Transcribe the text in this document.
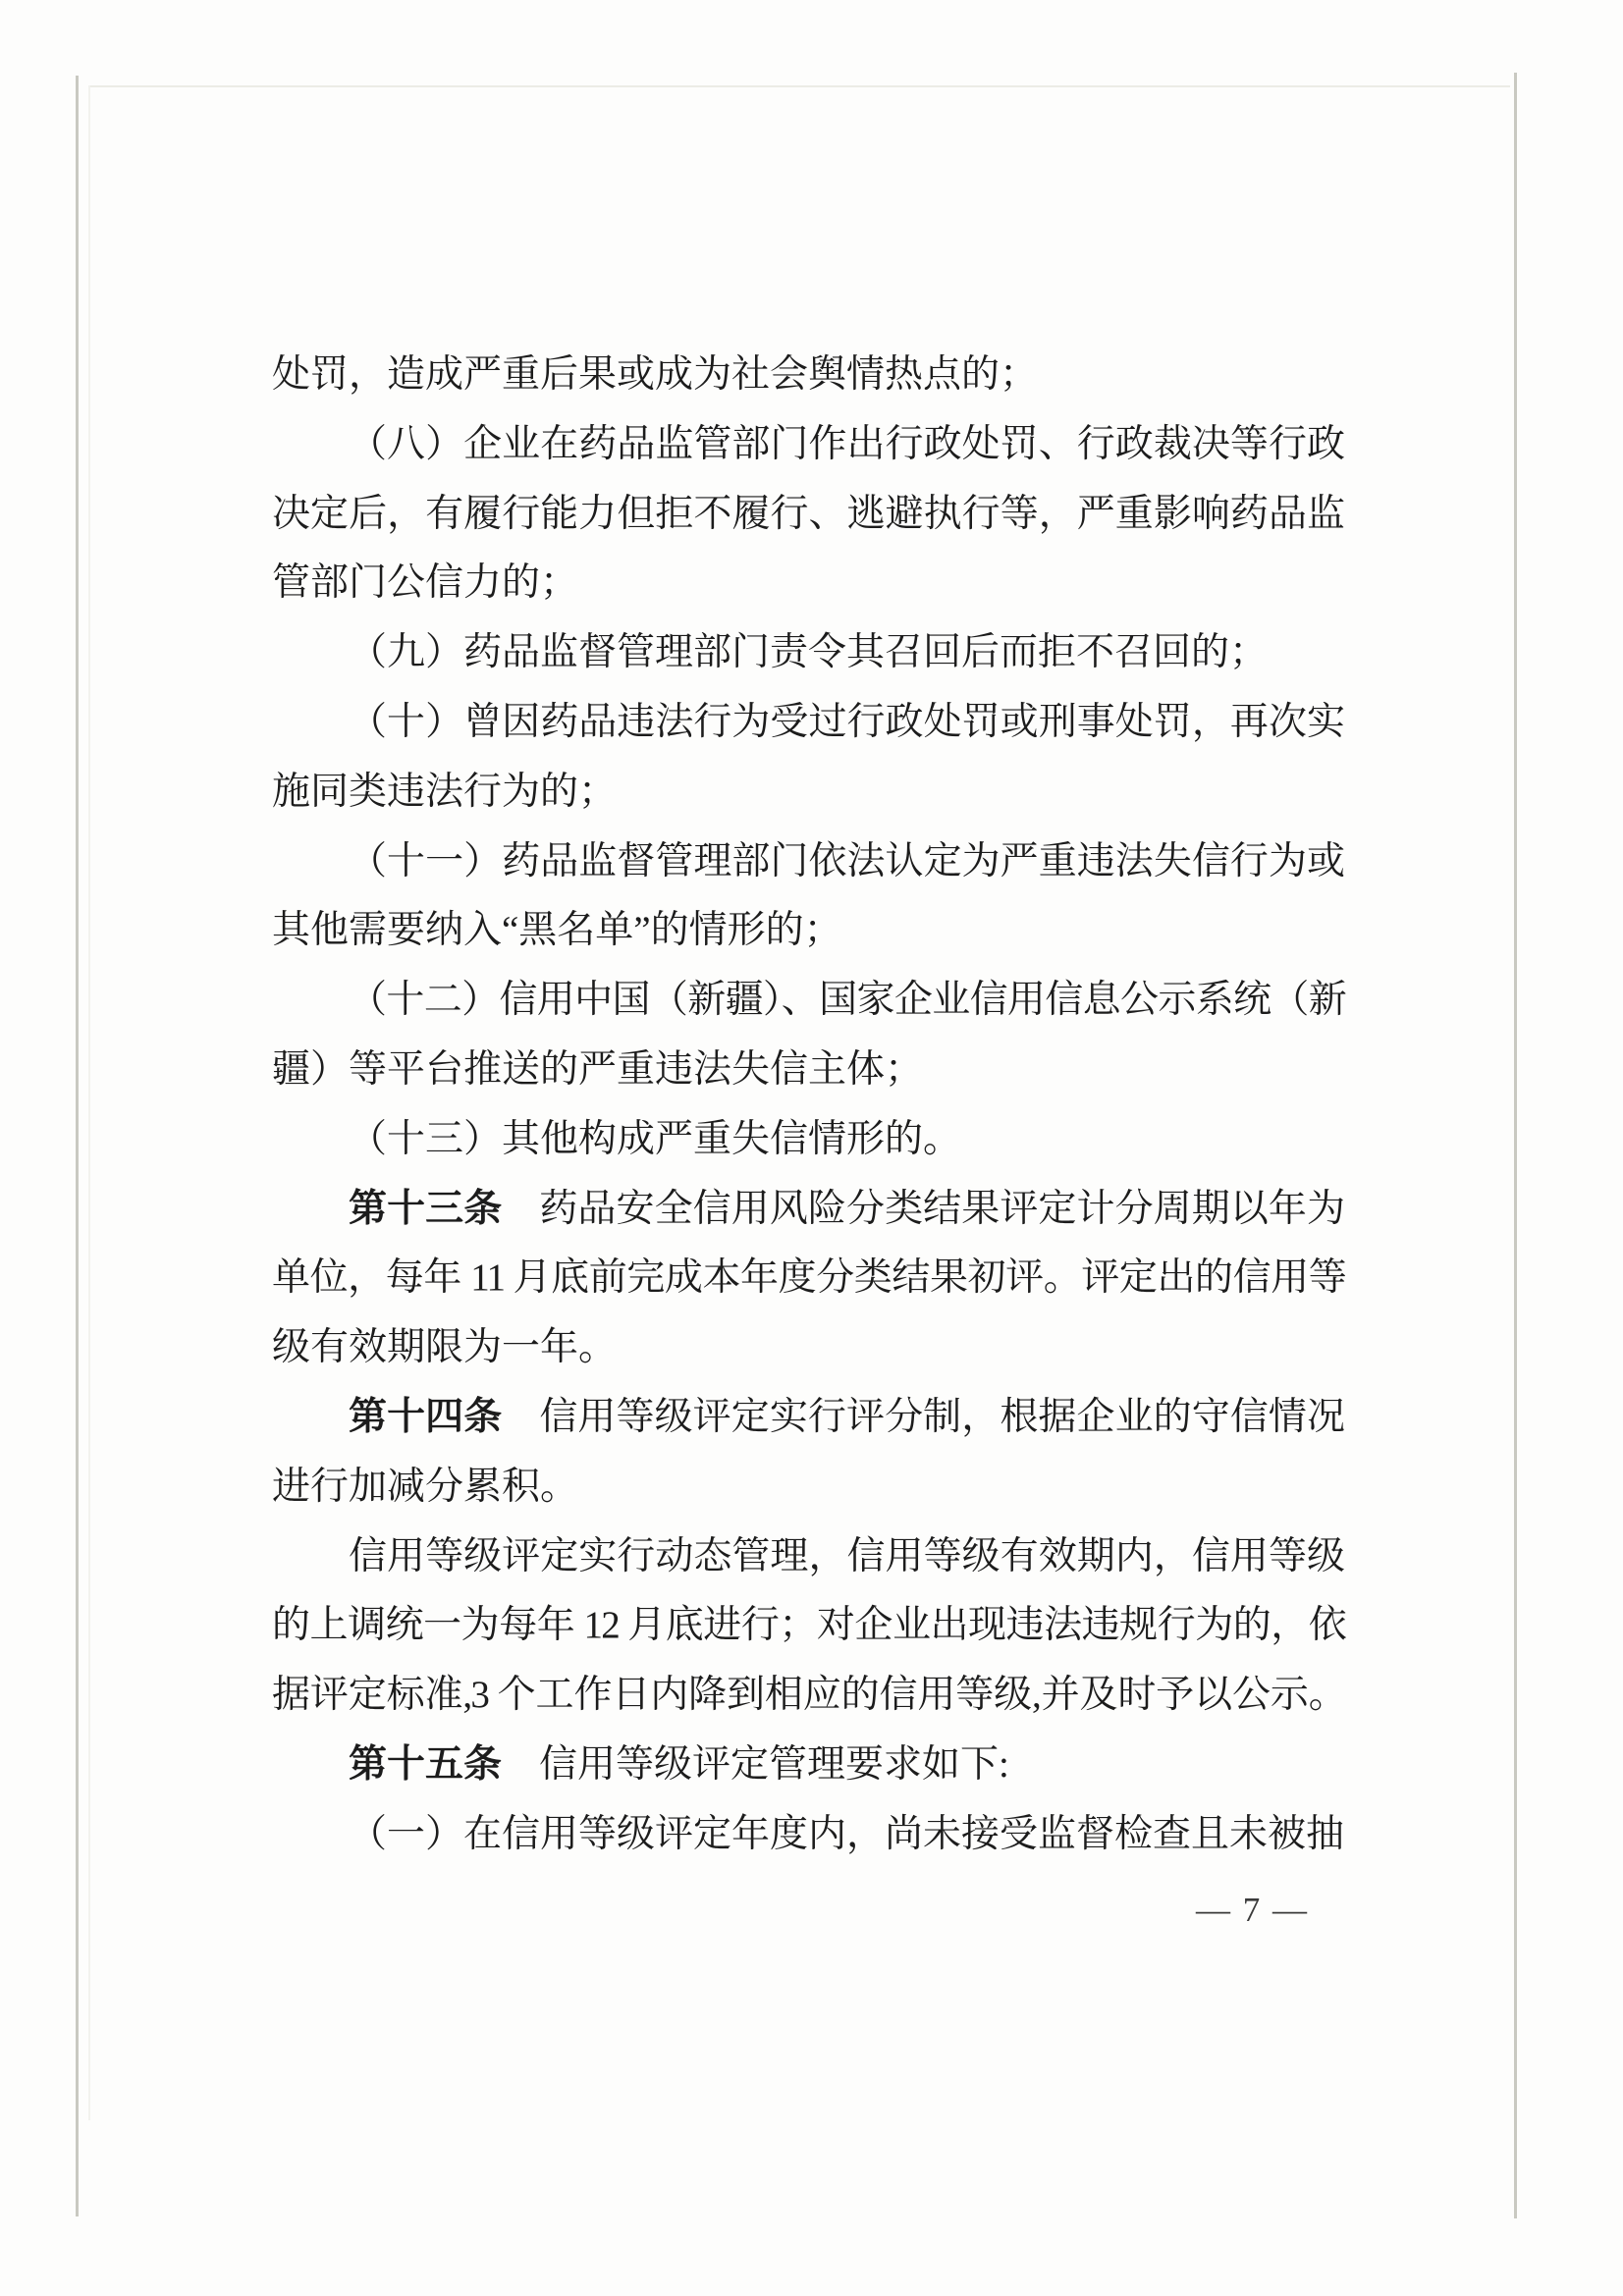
处罚，造成严重后果或成为社会舆情热点的；
（八）企业在药品监管部门作出行政处罚、行政裁决等行政
决定后，有履行能力但拒不履行、逃避执行等，严重影响药品监
管部门公信力的；
（九）药品监督管理部门责令其召回后而拒不召回的；
（十）曾因药品违法行为受过行政处罚或刑事处罚，再次实
施同类违法行为的；
（十一）药品监督管理部门依法认定为严重违法失信行为或
其他需要纳入“黑名单”的情形的；
（十二）信用中国（新疆）、国家企业信用信息公示系统（新
疆）等平台推送的严重违法失信主体；
（十三）其他构成严重失信情形的。
第十三条 药品安全信用风险分类结果评定计分周期以年为
单位，每年 11 月底前完成本年度分类结果初评。评定出的信用等
级有效期限为一年。
第十四条 信用等级评定实行评分制，根据企业的守信情况
进行加减分累积。
信用等级评定实行动态管理，信用等级有效期内，信用等级
的上调统一为每年 12 月底进行；对企业出现违法违规行为的，依
据评定标准,3 个工作日内降到相应的信用等级,并及时予以公示。
第十五条 信用等级评定管理要求如下:
（一）在信用等级评定年度内，尚未接受监督检查且未被抽
— 7 —
